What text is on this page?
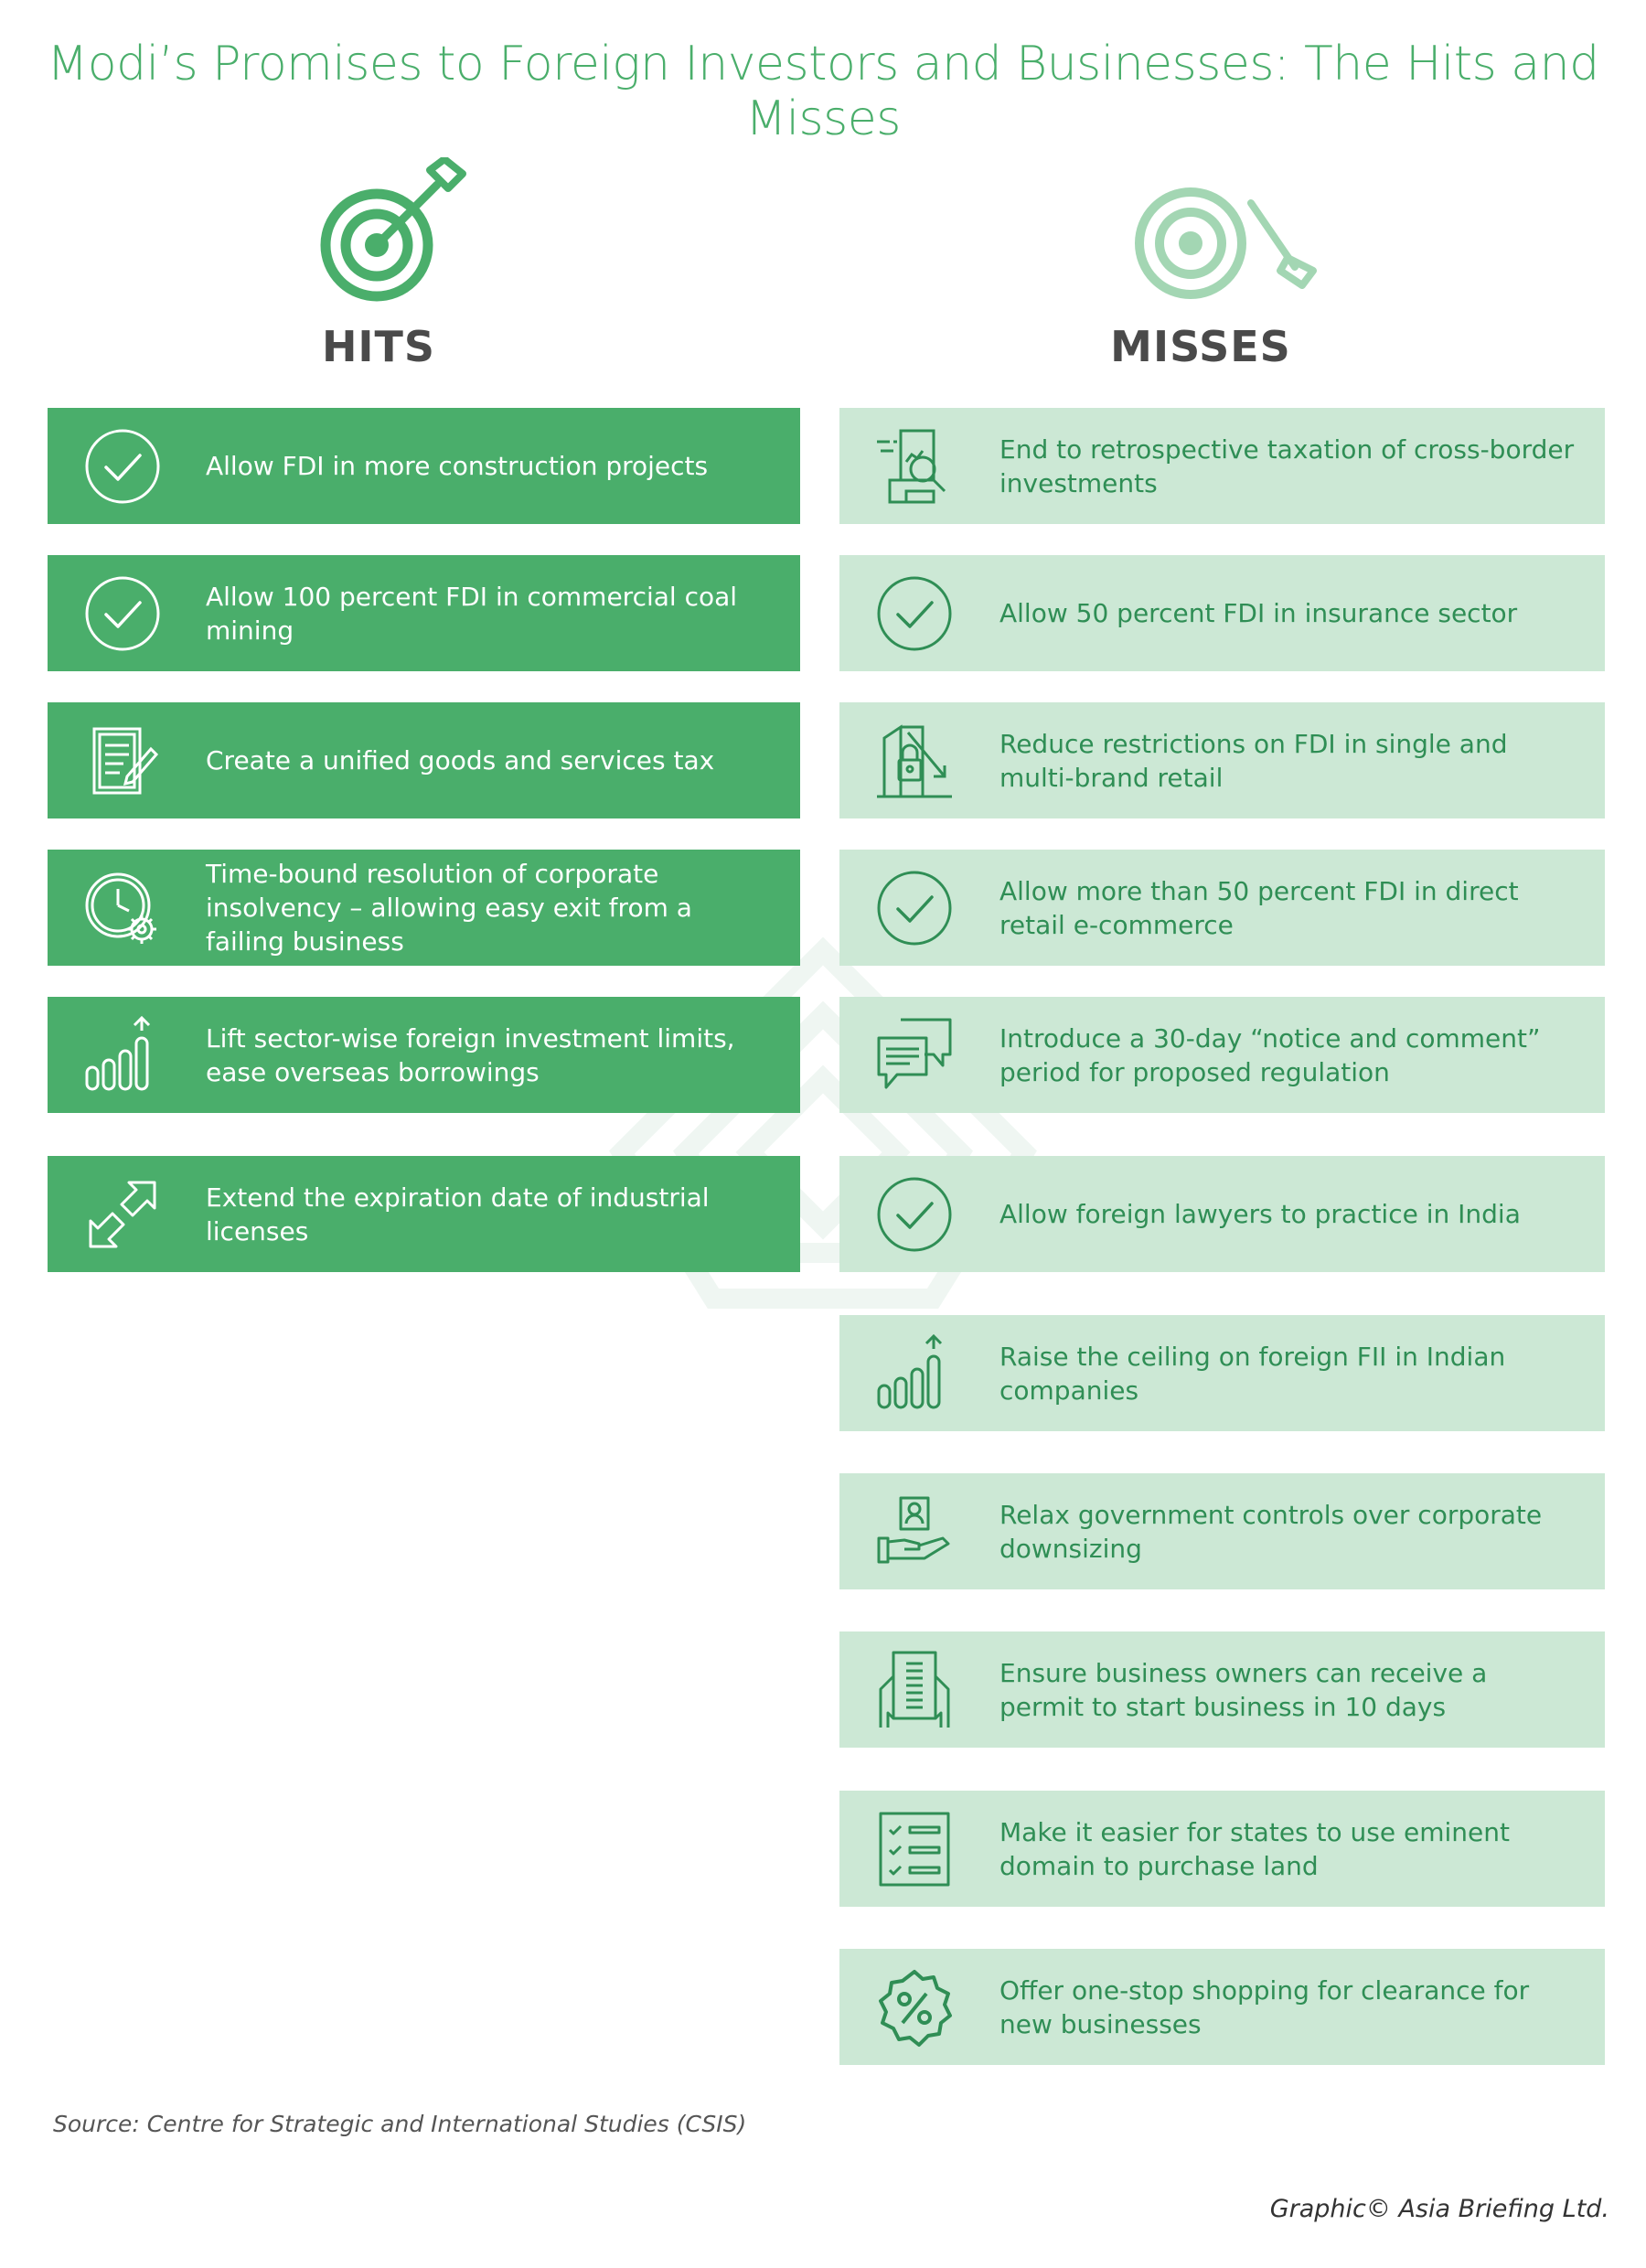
Modi’s Promises to Foreign Investors and Businesses: The Hits and Misses
HITS	MISSES
Allow FDI in more construction projects
Allow 100 percent FDI in commercial coal mining
Create a unified goods and services tax
Time-bound resolution of corporate insolvency – allowing easy exit from a failing business
Lift sector-wise foreign investment limits, ease overseas borrowings
Extend the expiration date of industrial licenses
End to retrospective taxation of cross-border investments
Allow 50 percent FDI in insurance sector
Reduce restrictions on FDI in single and multi-brand retail
Allow more than 50 percent FDI in direct retail e-commerce
Introduce a 30-day “notice and comment” period for proposed regulation
Allow foreign lawyers to practice in India
Raise the ceiling on foreign FII in Indian companies
Relax government controls over corporate downsizing
Ensure business owners can receive a permit to start business in 10 days
Make it easier for states to use eminent domain to purchase land
Offer one-stop shopping for clearance for new businesses
Source: Centre for Strategic and International Studies (CSIS)
Graphic© Asia Briefing Ltd.
